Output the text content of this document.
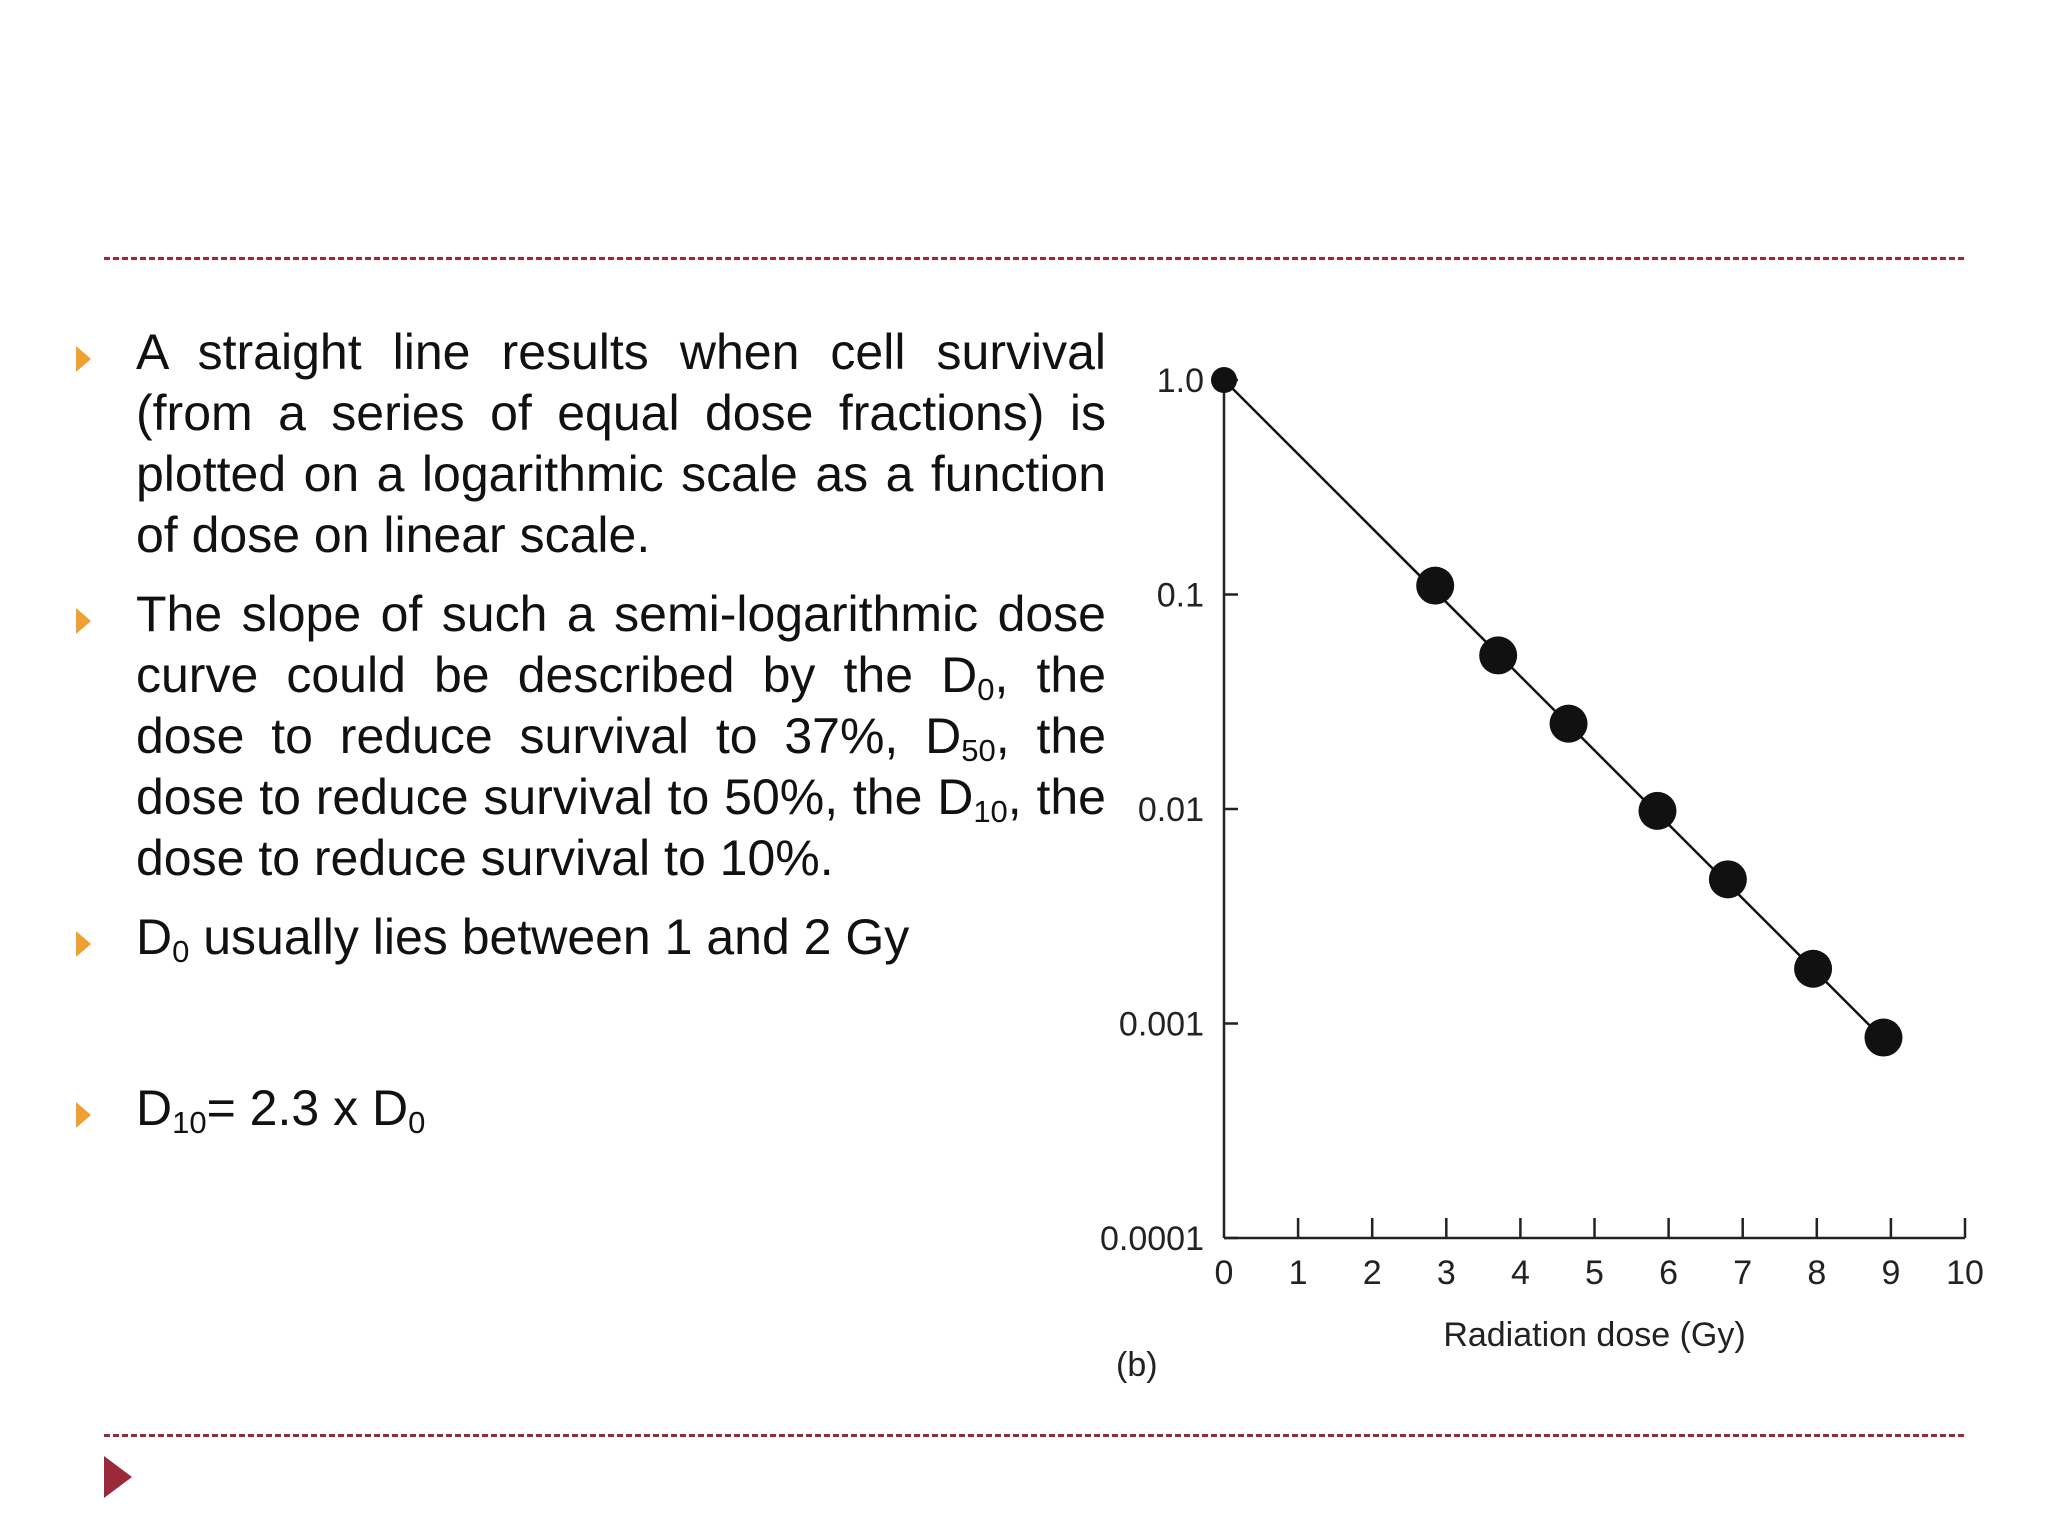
A straight line results when cell survival (from a series of equal dose fractions) is plotted on a logarithmic scale as a function of dose on linear scale.
The slope of such a semi-logarithmic dose curve could be described by the $D_0$, the dose to reduce survival to 37%, $D_{50}$, the dose to reduce survival to 50%, the $D_{10}$, the dose to reduce survival to 10%.
$D_0$ usually lies between 1 and 2 Gy
$D_{10}= 2.3$ x $D_0$
1.0
0.1
0.01
0.001
0.0001
0 1 2 3 4 5 6 7 8 9 10
Radiation dose (Gy)
(b)
